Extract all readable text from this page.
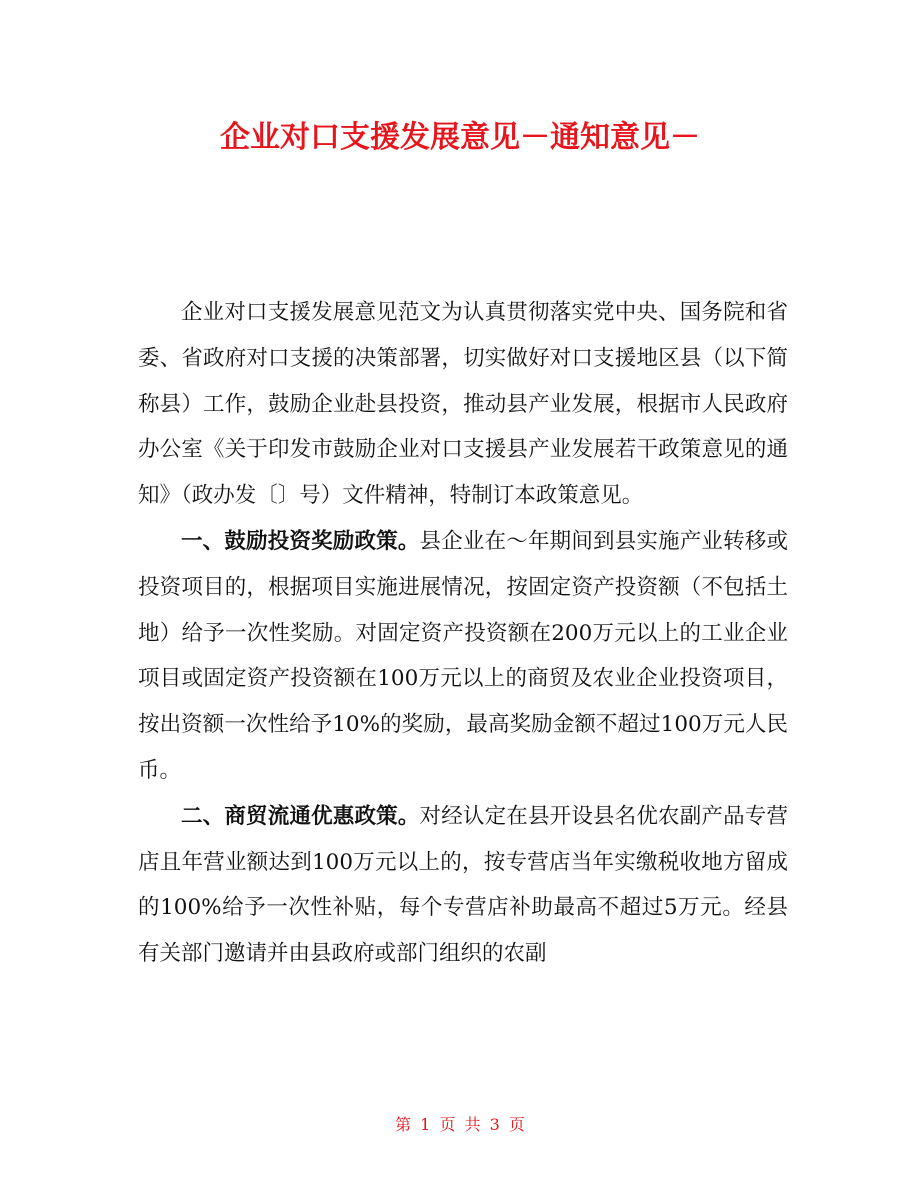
企业对口支援发展意见－通知意见－

企业对口支援发展意见范文为认真贯彻落实党中央、国务院和省委、省政府对口支援的决策部署，切实做好对口支援地区县（以下简称县）工作，鼓励企业赴县投资，推动县产业发展，根据市人民政府办公室《关于印发市鼓励企业对口支援县产业发展若干政策意见的通知》（政办发〔〕号）文件精神，特制订本政策意见。

一、鼓励投资奖励政策。县企业在～年期间到县实施产业转移或投资项目的，根据项目实施进展情况，按固定资产投资额（不包括土地）给予一次性奖励。对固定资产投资额在200万元以上的工业企业项目或固定资产投资额在100万元以上的商贸及农业企业投资项目，按出资额一次性给予10%的奖励，最高奖励金额不超过100万元人民币。

二、商贸流通优惠政策。对经认定在县开设县名优农副产品专营店且年营业额达到100万元以上的，按专营店当年实缴税收地方留成的100%给予一次性补贴，每个专营店补助最高不超过5万元。经县有关部门邀请并由县政府或部门组织的农副

第 1 页 共 3 页
